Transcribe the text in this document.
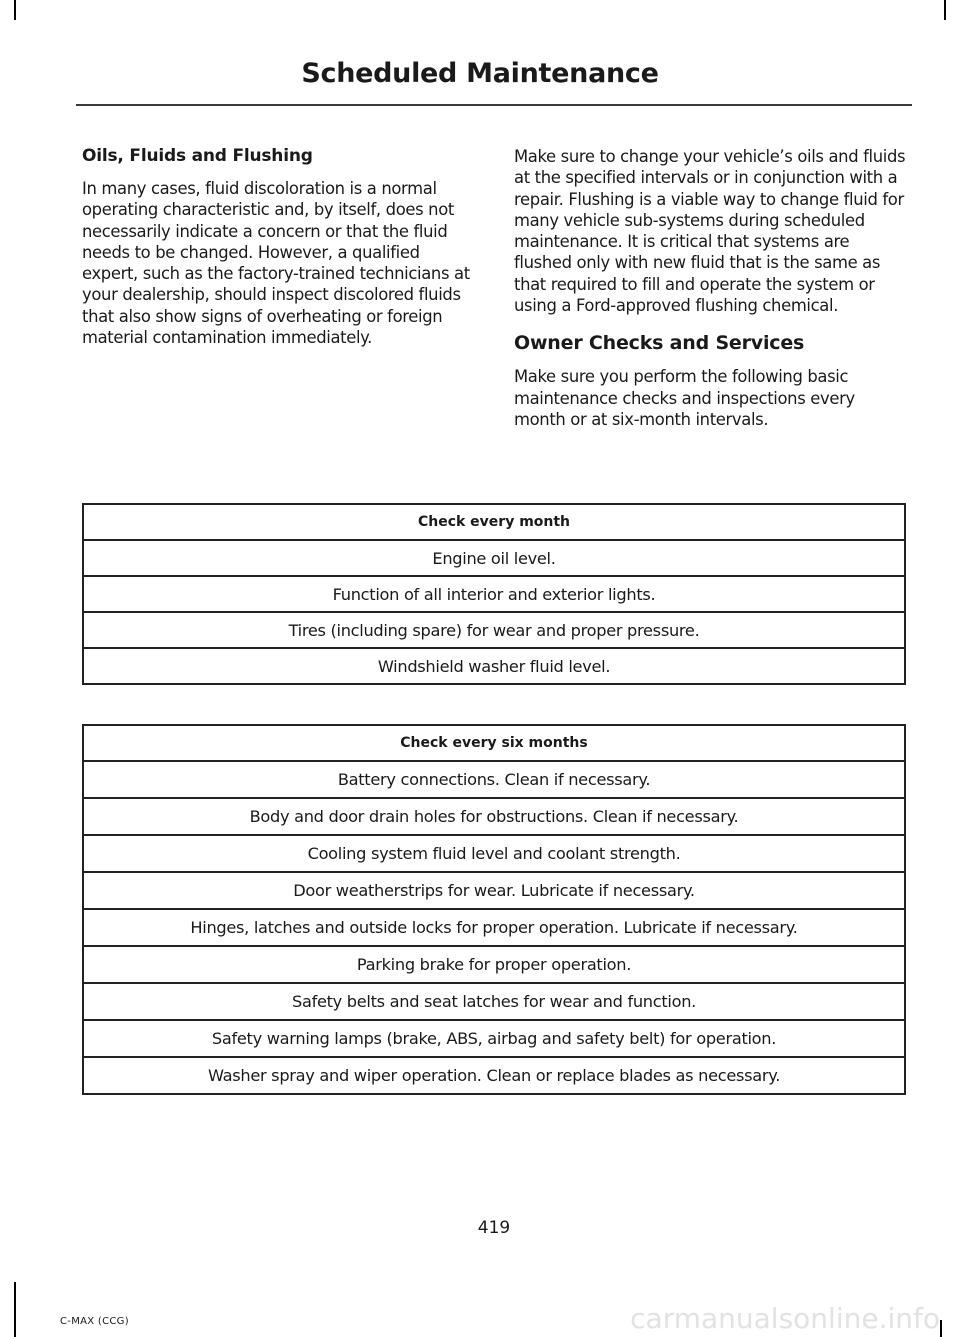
Scheduled Maintenance
Oils, Fluids and Flushing

In many cases, fluid discoloration is a normal operating characteristic and, by itself, does not necessarily indicate a concern or that the fluid needs to be changed. However, a qualified expert, such as the factory-trained technicians at your dealership, should inspect discolored fluids that also show signs of overheating or foreign material contamination immediately.

Make sure to change your vehicle’s oils and fluids at the specified intervals or in conjunction with a repair. Flushing is a viable way to change fluid for many vehicle sub-systems during scheduled maintenance. It is critical that systems are flushed only with new fluid that is the same as that required to fill and operate the system or using a Ford-approved flushing chemical.

Owner Checks and Services

Make sure you perform the following basic maintenance checks and inspections every month or at six-month intervals.

Check every month
Engine oil level.
Function of all interior and exterior lights.
Tires (including spare) for wear and proper pressure.
Windshield washer fluid level.
Check every six months
Battery connections. Clean if necessary.
Body and door drain holes for obstructions. Clean if necessary.
Cooling system fluid level and coolant strength.
Door weatherstrips for wear. Lubricate if necessary.
Hinges, latches and outside locks for proper operation. Lubricate if necessary.
Parking brake for proper operation.
Safety belts and seat latches for wear and function.
Safety warning lamps (brake, ABS, airbag and safety belt) for operation.
Washer spray and wiper operation. Clean or replace blades as necessary.
419
C-MAX (CCG)	carmanualsonline.info
